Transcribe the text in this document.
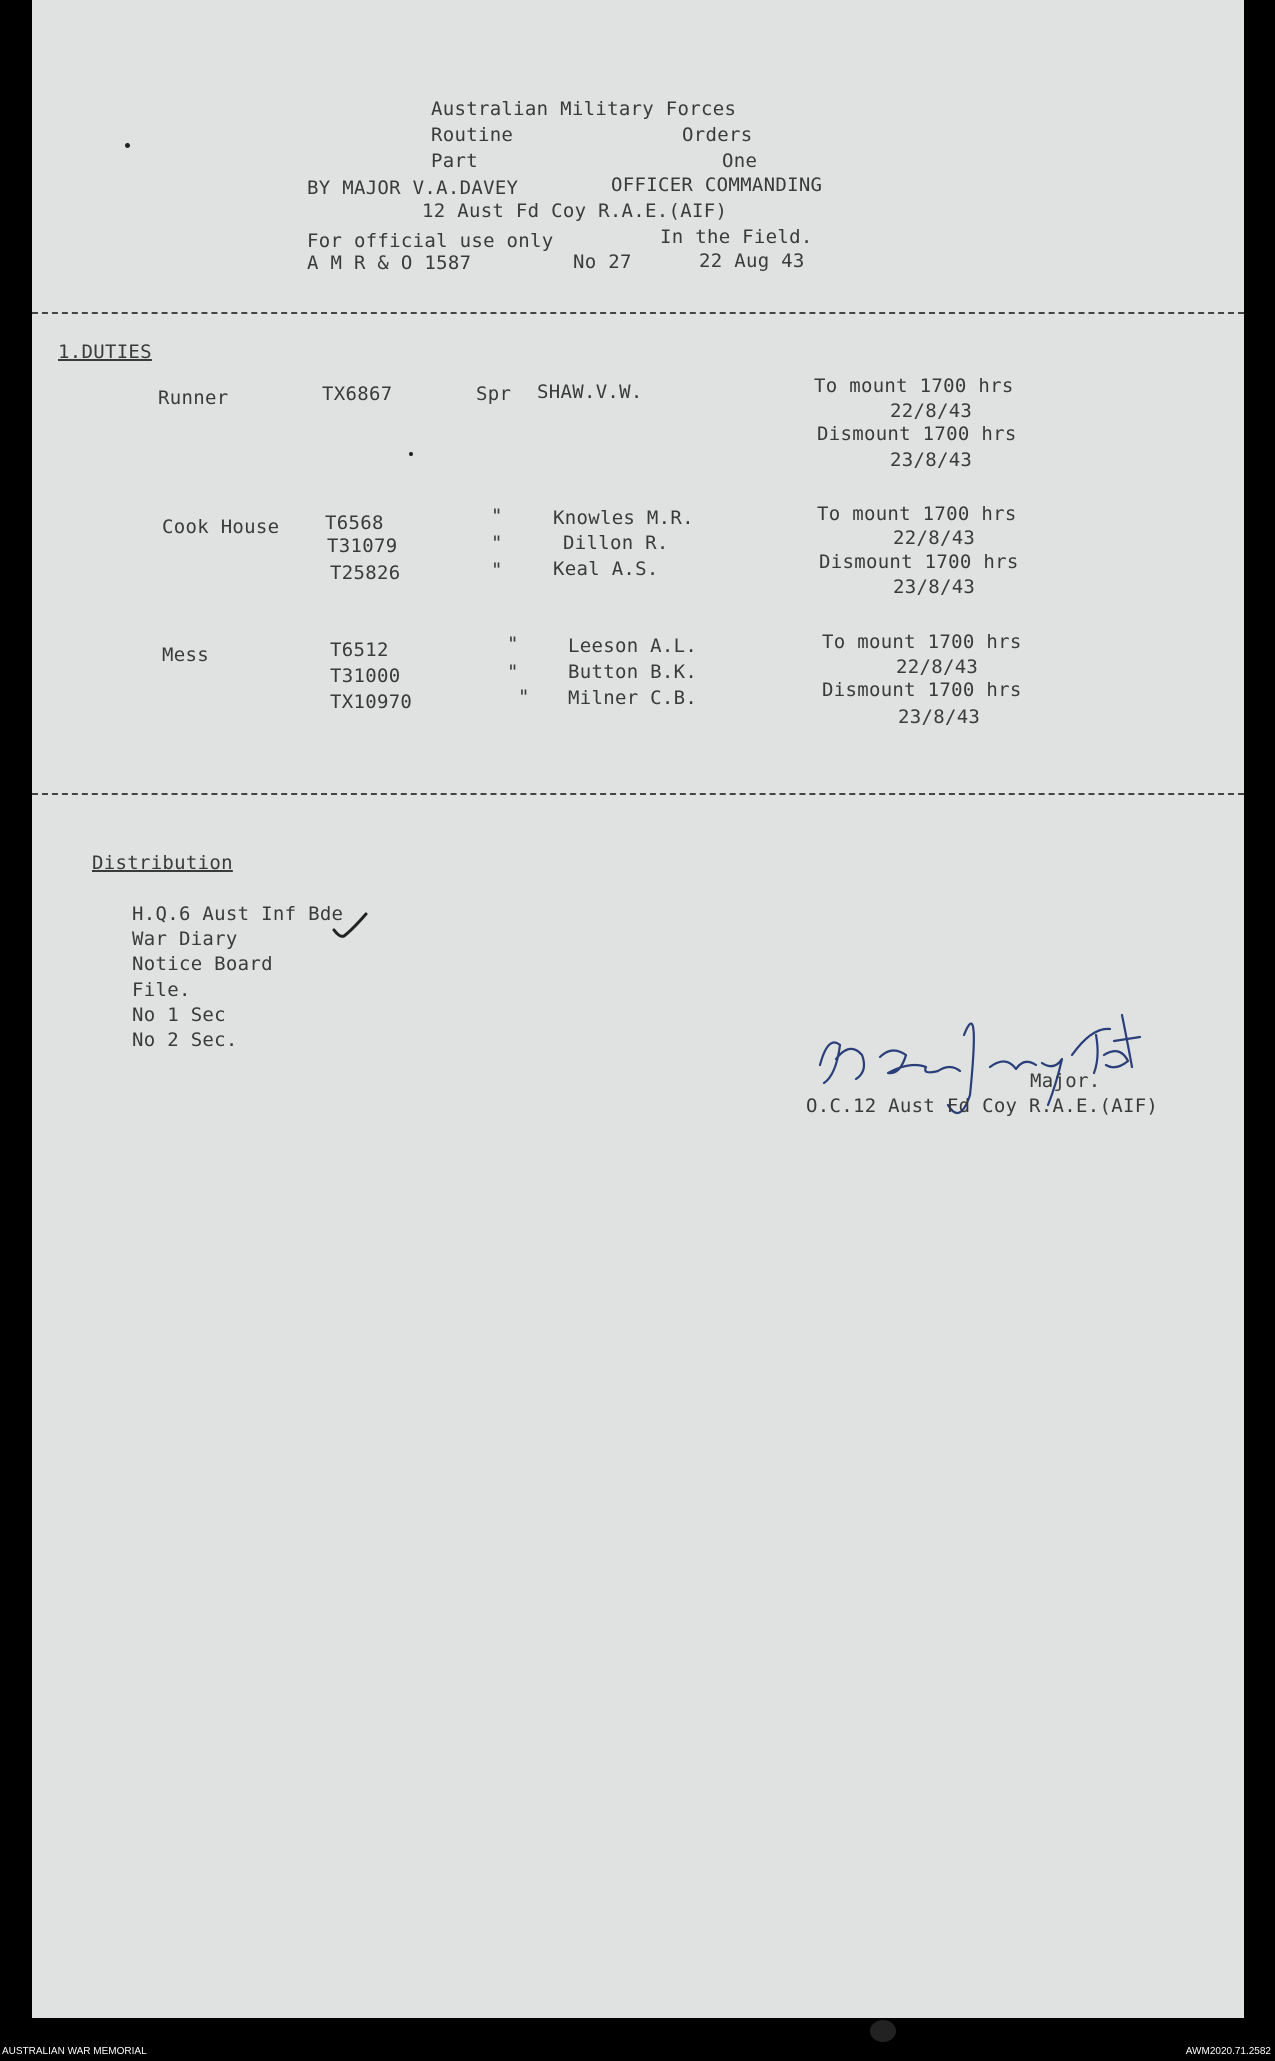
Australian Military Forces
Routine	Orders
Part	One
BY MAJOR V.A.DAVEY	OFFICER COMMANDING
12 Aust Fd Coy R.A.E.(AIF)
For official use only	In the Field.
A M R & O 1587	No 27	22 Aug 43
1.DUTIES
Runner	TX6867	Spr SHAW.V.W.	To mount 1700 hrs
22/8/43
Dismount 1700 hrs
23/8/43
Cook House T6568	"	Knowles M.R.
T31079	"	Dillon R.
T25826	"	Keal A.S.
To mount 1700 hrs
22/8/43
Dismount 1700 hrs
23/8/43
Mess	T6512	"	Leeson A.L.
T31000	"	Button B.K.
TX10970	" Milner C.B.
To mount 1700 hrs
22/8/43
Dismount 1700 hrs
23/8/43
Distribution
H.Q.6 Aust Inf Bde
War Diary
Notice Board
File.
No 1 Sec
No 2 Sec.
Major.
O.C.12 Aust Fd Coy R.A.E.(AIF)
AUSTRALIAN WAR MEMORIAL	AWM2020.71.2582
